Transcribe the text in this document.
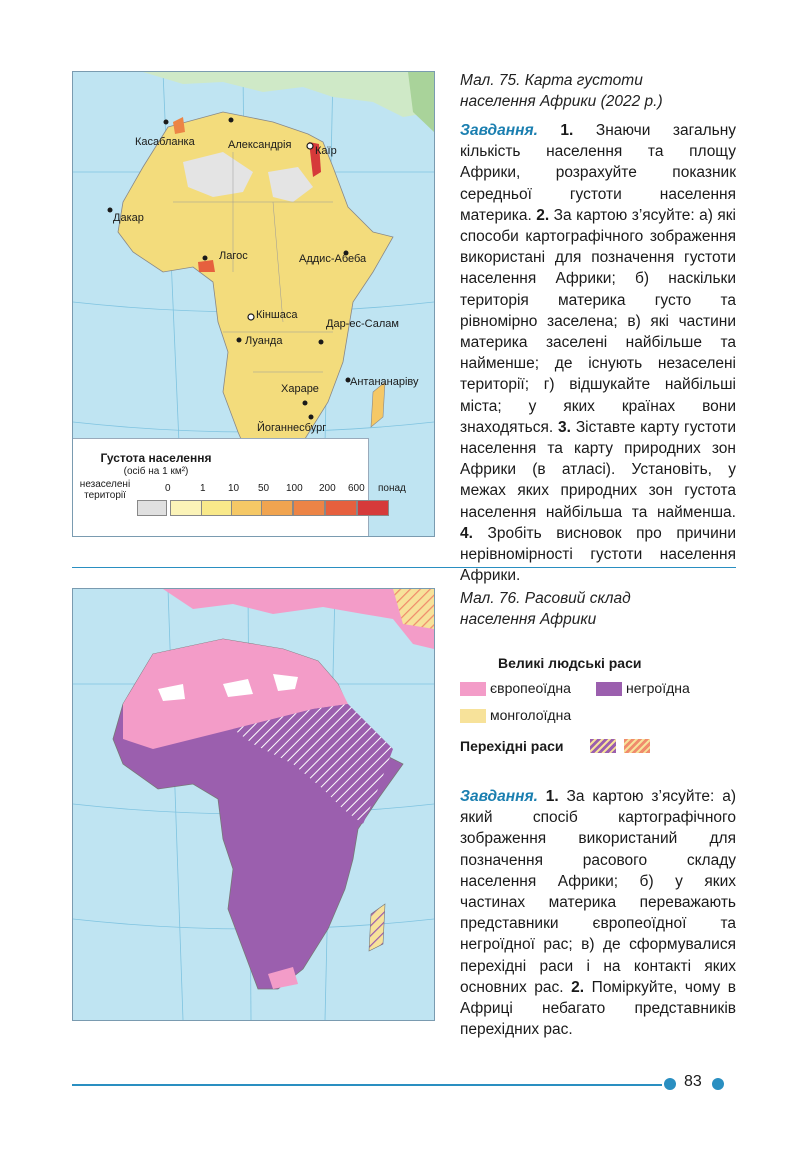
Касабланка	Александрія Каїр
Дакар
Лагос	Аддис-Абеба
Кіншаса
Дар-ес-Салам
Луанда
Хараре
Антананаріву
Йоганнесбург
Густота населення
(осіб на 1 км²)
незаселені території
0	1 10 50 100 200 600 понад
Мал. 75. Карта густоти
населення Африки (2022 р.)
Завдання. 1. Знаючи загальну кількість населення та площу Африки, розрахуйте показник середньої густоти населення материка. 2. За картою з’ясуйте: а) які способи картографічного зображення використані для позначення густоти населення Африки; б) наскільки територія материка густо та рівномірно заселена; в) які частини материка заселені найбільше та найменше; де існують незаселені території; г) відшукайте найбільші міста; у яких країнах вони знаходяться. 3. Зіставте карту густоти населення та карту природних зон Африки (в атласі). Установіть, у межах яких природних зон густота населення найбільша та найменша. 4. Зробіть висновок про причини нерівномірності густоти населення Африки.
Мал. 76. Расовий склад
населення Африки
Великі людські раси
європеоїдна	негроїдна
монголоїдна
Перехідні раси
Завдання. 1. За картою з’ясуйте: а) який спосіб картографічного зображення використаний для позначення расового складу населення Африки; б) у яких частинах материка переважають представники європеоїдної та негроїдної рас; в) де сформувалися перехідні раси і на контакті яких основних рас. 2. Поміркуйте, чому в Африці небагато представників перехідних рас.
83
